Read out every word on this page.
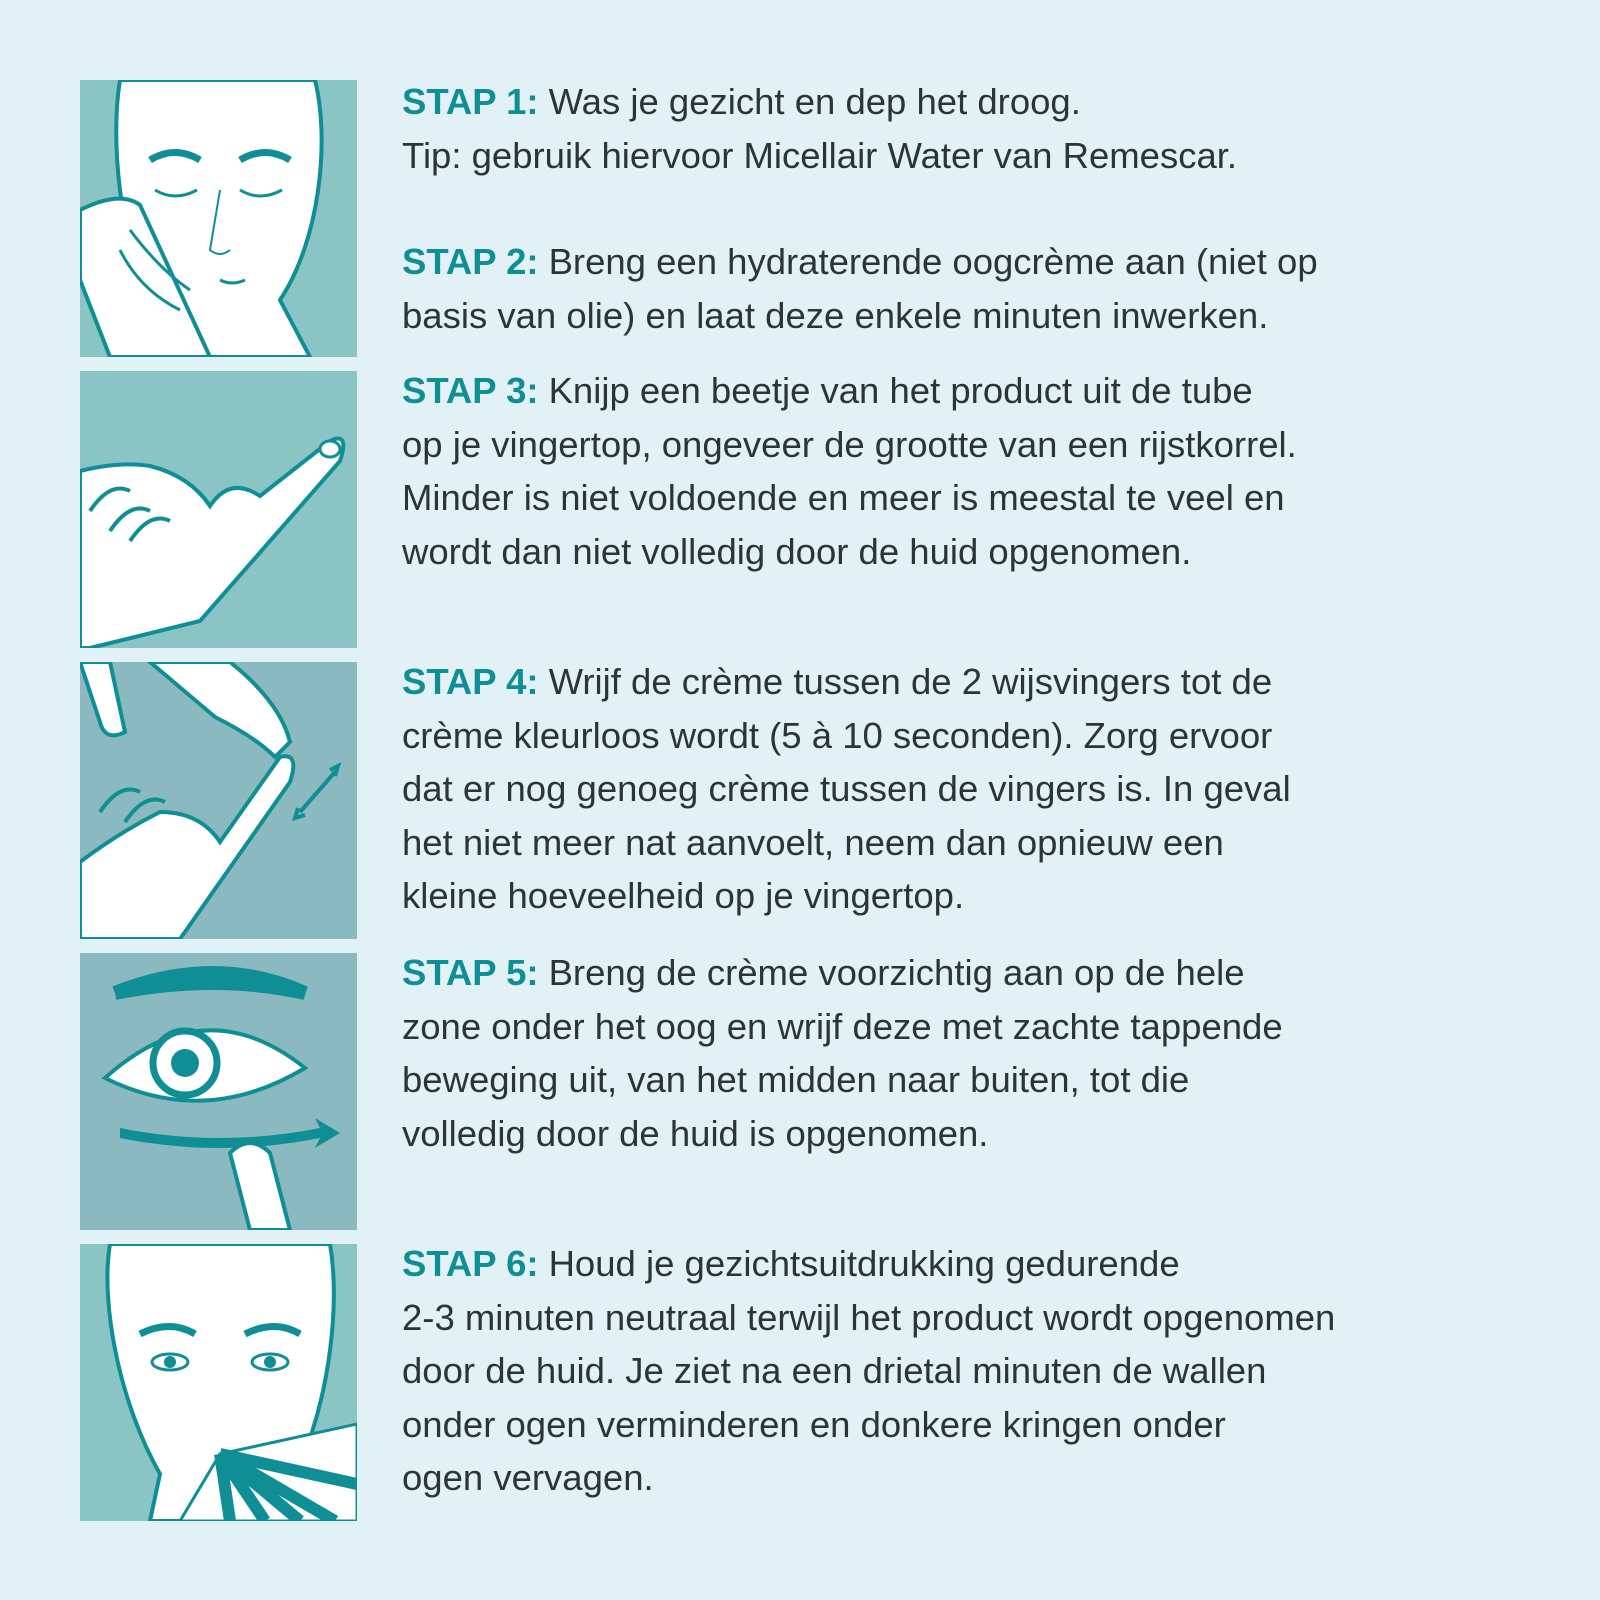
STAP 1: Was je gezicht en dep het droog.
Tip: gebruik hiervoor Micellair Water van Remescar.
STAP 2: Breng een hydraterende oogcrème aan (niet op
basis van olie) en laat deze enkele minuten inwerken.
STAP 3: Knijp een beetje van het product uit de tube
op je vingertop, ongeveer de grootte van een rijstkorrel.
Minder is niet voldoende en meer is meestal te veel en
wordt dan niet volledig door de huid opgenomen.
STAP 4: Wrijf de crème tussen de 2 wijsvingers tot de
crème kleurloos wordt (5 à 10 seconden). Zorg ervoor
dat er nog genoeg crème tussen de vingers is. In geval
het niet meer nat aanvoelt, neem dan opnieuw een
kleine hoeveelheid op je vingertop.
STAP 5: Breng de crème voorzichtig aan op de hele
zone onder het oog en wrijf deze met zachte tappende
beweging uit, van het midden naar buiten, tot die
volledig door de huid is opgenomen.
STAP 6: Houd je gezichtsuitdrukking gedurende
2-3 minuten neutraal terwijl het product wordt opgenomen
door de huid. Je ziet na een drietal minuten de wallen
onder ogen verminderen en donkere kringen onder
ogen vervagen.
